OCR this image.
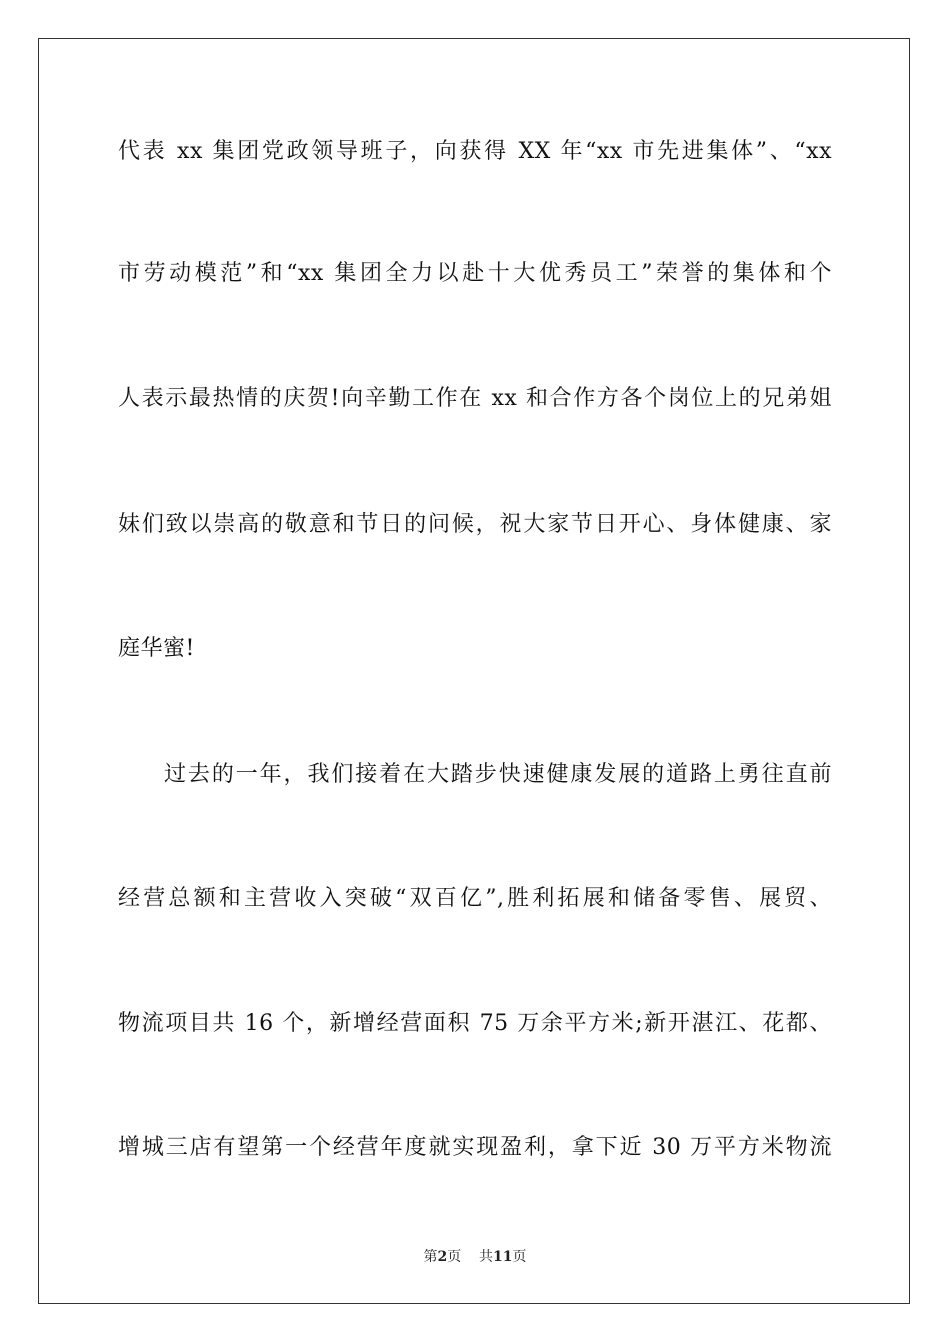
代表 xx 集团党政领导班子，向获得 XX 年“xx 市先进集体”、“xx
市劳动模范”和“xx 集团全力以赴十大优秀员工”荣誉的集体和个
人表示最热情的庆贺!向辛勤工作在 xx 和合作方各个岗位上的兄弟姐
妹们致以崇高的敬意和节日的问候，祝大家节日开心、身体健康、家
庭华蜜!
过去的一年，我们接着在大踏步快速健康发展的道路上勇往直前
经营总额和主营收入突破“双百亿”,胜利拓展和储备零售、展贸、
物流项目共 16 个，新增经营面积 75 万余平方米;新开湛江、花都、
增城三店有望第一个经营年度就实现盈利，拿下近 30 万平方米物流
第2页 共11页
